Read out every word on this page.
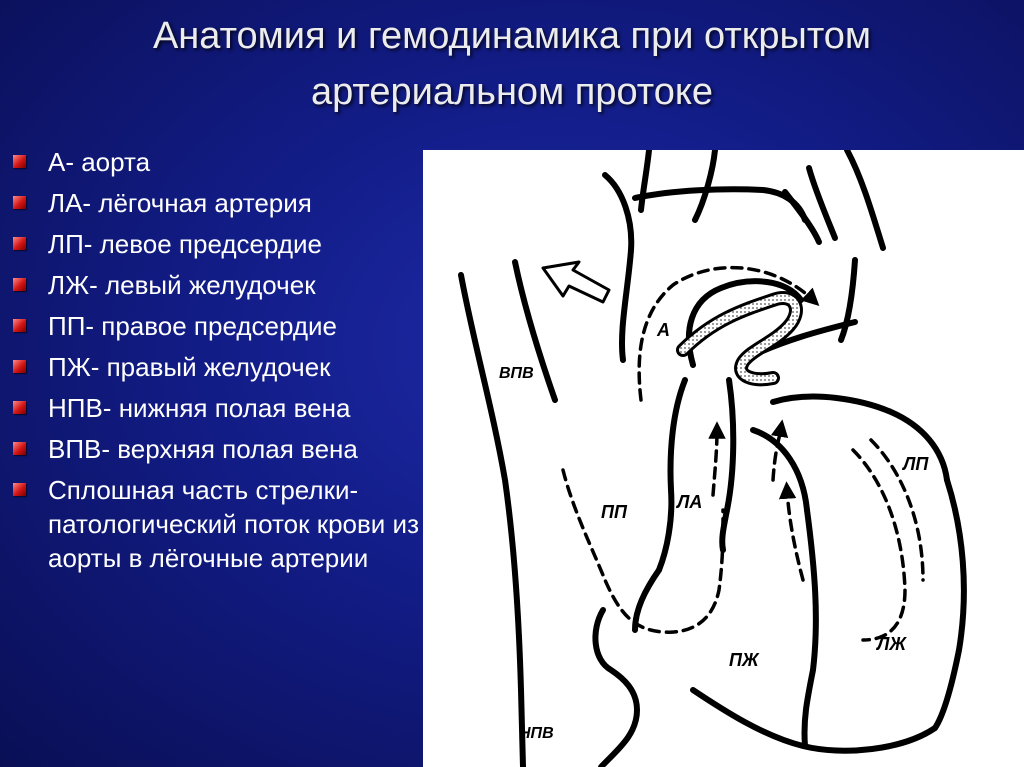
Анатомия и гемодинамика при открытом артериальном протоке
А- аорта
ЛА- лёгочная артерия
ЛП- левое предсердие
ЛЖ- левый желудочек
ПП- правое предсердие
ПЖ- правый желудочек
НПВ- нижняя полая вена
ВПВ- верхняя полая вена
Сплошная часть стрелки- патологический поток крови из аорты в лёгочные артерии
А
ЛА
ЛП
ЛЖ
ПП
ПЖ
ВПВ
НПВ
